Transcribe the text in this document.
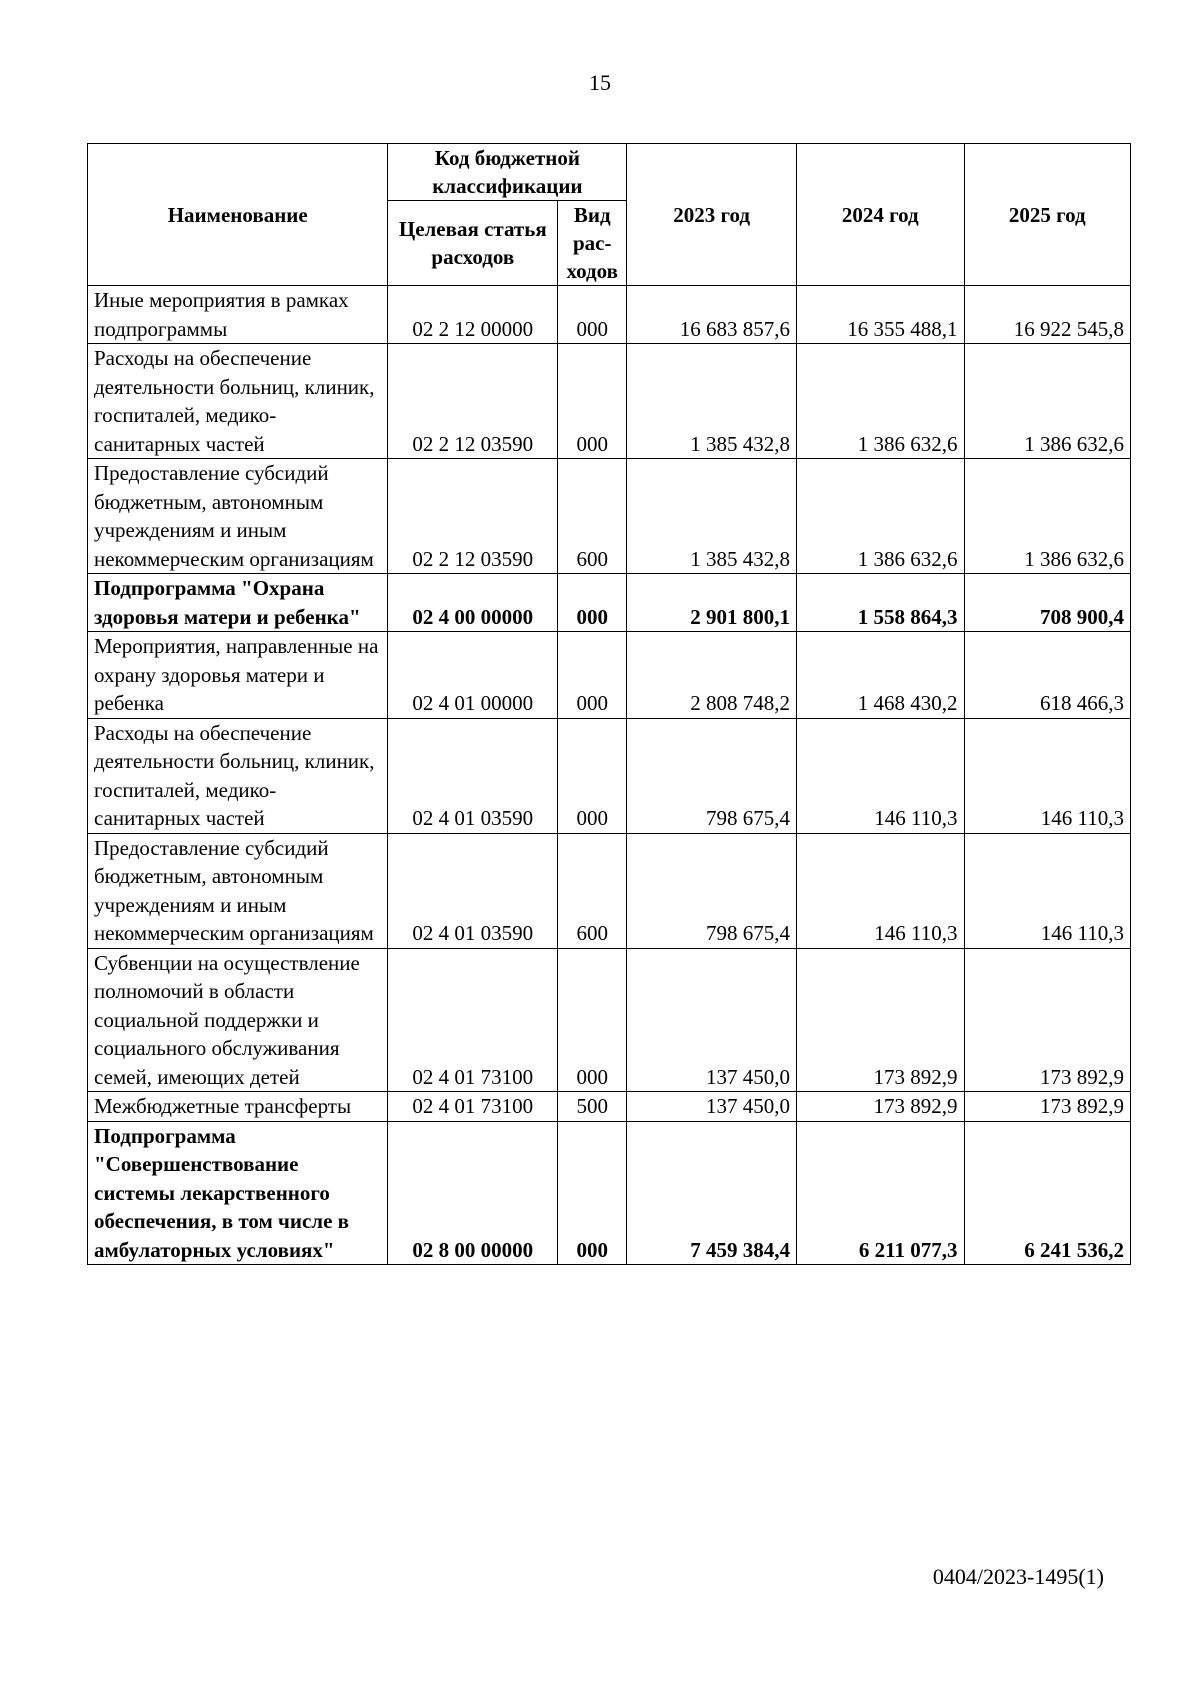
15
Наименование	Код бюджетной классификации		2023 год	2024 год	2025 год
	Целевая статья расходов	Вид рас-ходов			
Иные мероприятия в рамках подпрограммы	02 2 12 00000	000	16 683 857,6	16 355 488,1	16 922 545,8
Расходы на обеспечение деятельности больниц, клиник, госпиталей, медико-санитарных частей	02 2 12 03590	000	1 385 432,8	1 386 632,6	1 386 632,6
Предоставление субсидий бюджетным, автономным учреждениям и иным некоммерческим организациям	02 2 12 03590	600	1 385 432,8	1 386 632,6	1 386 632,6
Подпрограмма "Охрана здоровья матери и ребенка"	02 4 00 00000	000	2 901 800,1	1 558 864,3	708 900,4
Мероприятия, направленные на охрану здоровья матери и ребенка	02 4 01 00000	000	2 808 748,2	1 468 430,2	618 466,3
Расходы на обеспечение деятельности больниц, клиник, госпиталей, медико-санитарных частей	02 4 01 03590	000	798 675,4	146 110,3	146 110,3
Предоставление субсидий бюджетным, автономным учреждениям и иным некоммерческим организациям	02 4 01 03590	600	798 675,4	146 110,3	146 110,3
Субвенции на осуществление полномочий в области социальной поддержки и социального обслуживания семей, имеющих детей	02 4 01 73100	000	137 450,0	173 892,9	173 892,9
Межбюджетные трансферты	02 4 01 73100	500	137 450,0	173 892,9	173 892,9
Подпрограмма "Совершенствование системы лекарственного обеспечения, в том числе в амбулаторных условиях"	02 8 00 00000	000	7 459 384,4	6 211 077,3	6 241 536,2
0404/2023-1495(1)
